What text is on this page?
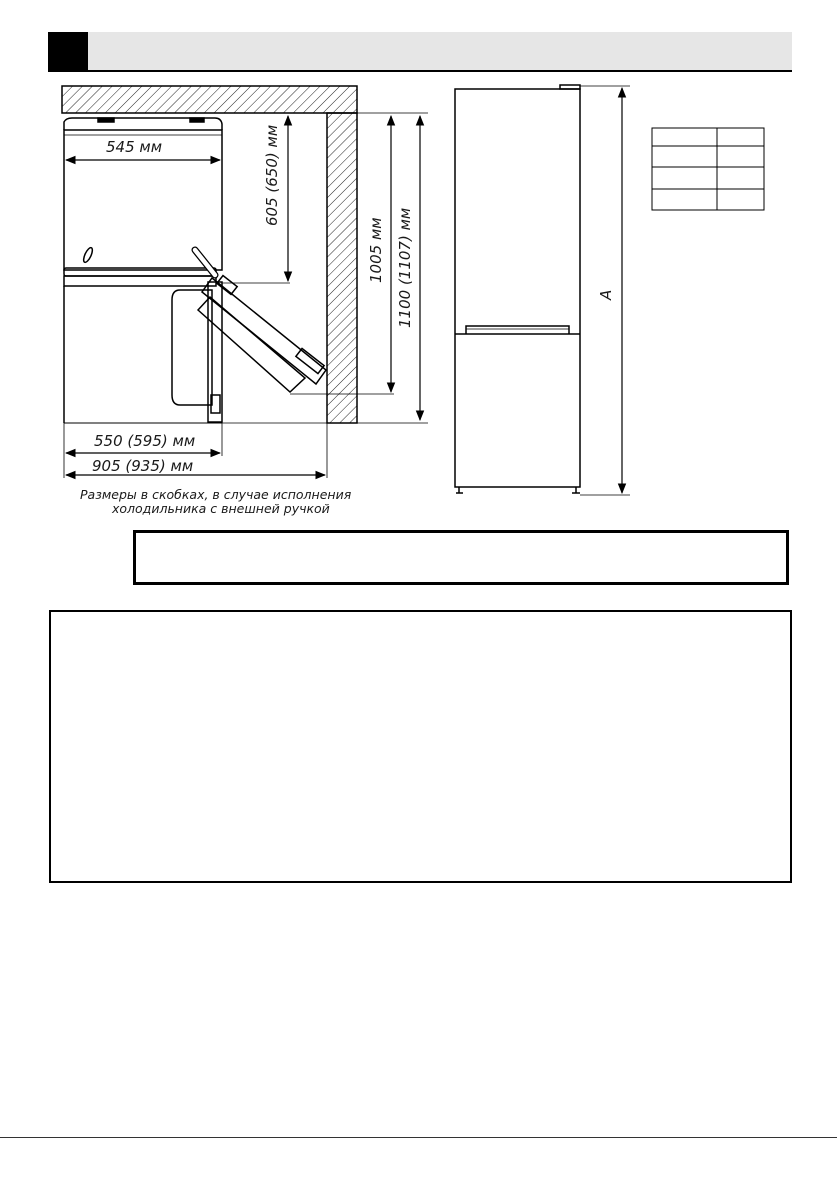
545 мм	605 (650) мм
1005 мм 1100 (1107) мм
550 (595) мм
905 (935) мм
Размеры в скобках, в случае исполнения
холодильника с внешней ручкой
A
